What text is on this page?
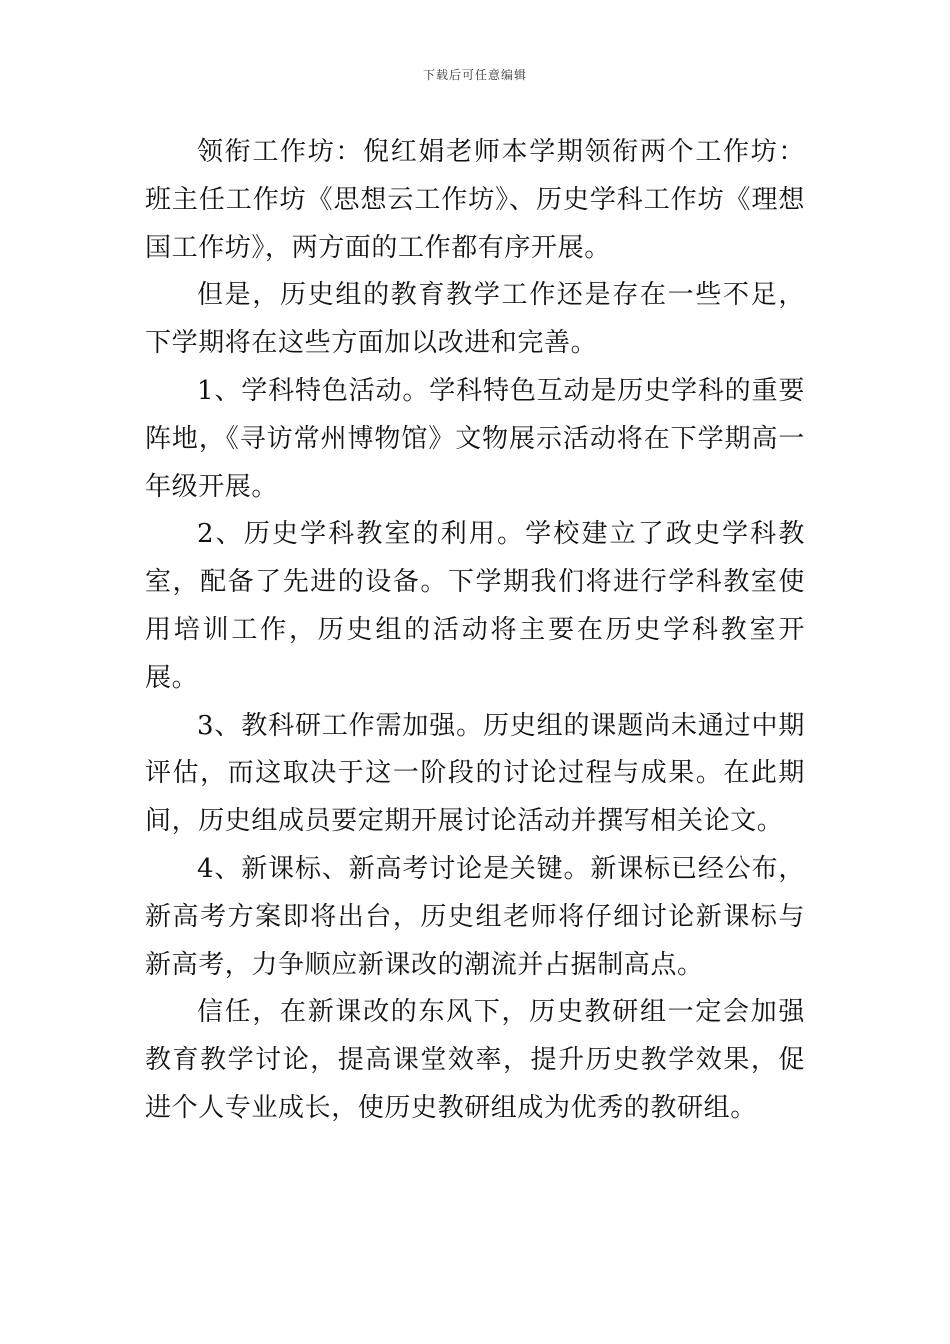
下载后可任意编辑

领衔工作坊：倪红娟老师本学期领衔两个工作坊：班主任工作坊《思想云工作坊》、历史学科工作坊《理想国工作坊》，两方面的工作都有序开展。

但是，历史组的教育教学工作还是存在一些不足，下学期将在这些方面加以改进和完善。

1、学科特色活动。学科特色互动是历史学科的重要阵地，《寻访常州博物馆》文物展示活动将在下学期高一年级开展。

2、历史学科教室的利用。学校建立了政史学科教室，配备了先进的设备。下学期我们将进行学科教室使用培训工作，历史组的活动将主要在历史学科教室开展。

3、教科研工作需加强。历史组的课题尚未通过中期评估，而这取决于这一阶段的讨论过程与成果。在此期间，历史组成员要定期开展讨论活动并撰写相关论文。

4、新课标、新高考讨论是关键。新课标已经公布，新高考方案即将出台，历史组老师将仔细讨论新课标与新高考，力争顺应新课改的潮流并占据制高点。

信任，在新课改的东风下，历史教研组一定会加强教育教学讨论，提高课堂效率，提升历史教学效果，促进个人专业成长，使历史教研组成为优秀的教研组。
